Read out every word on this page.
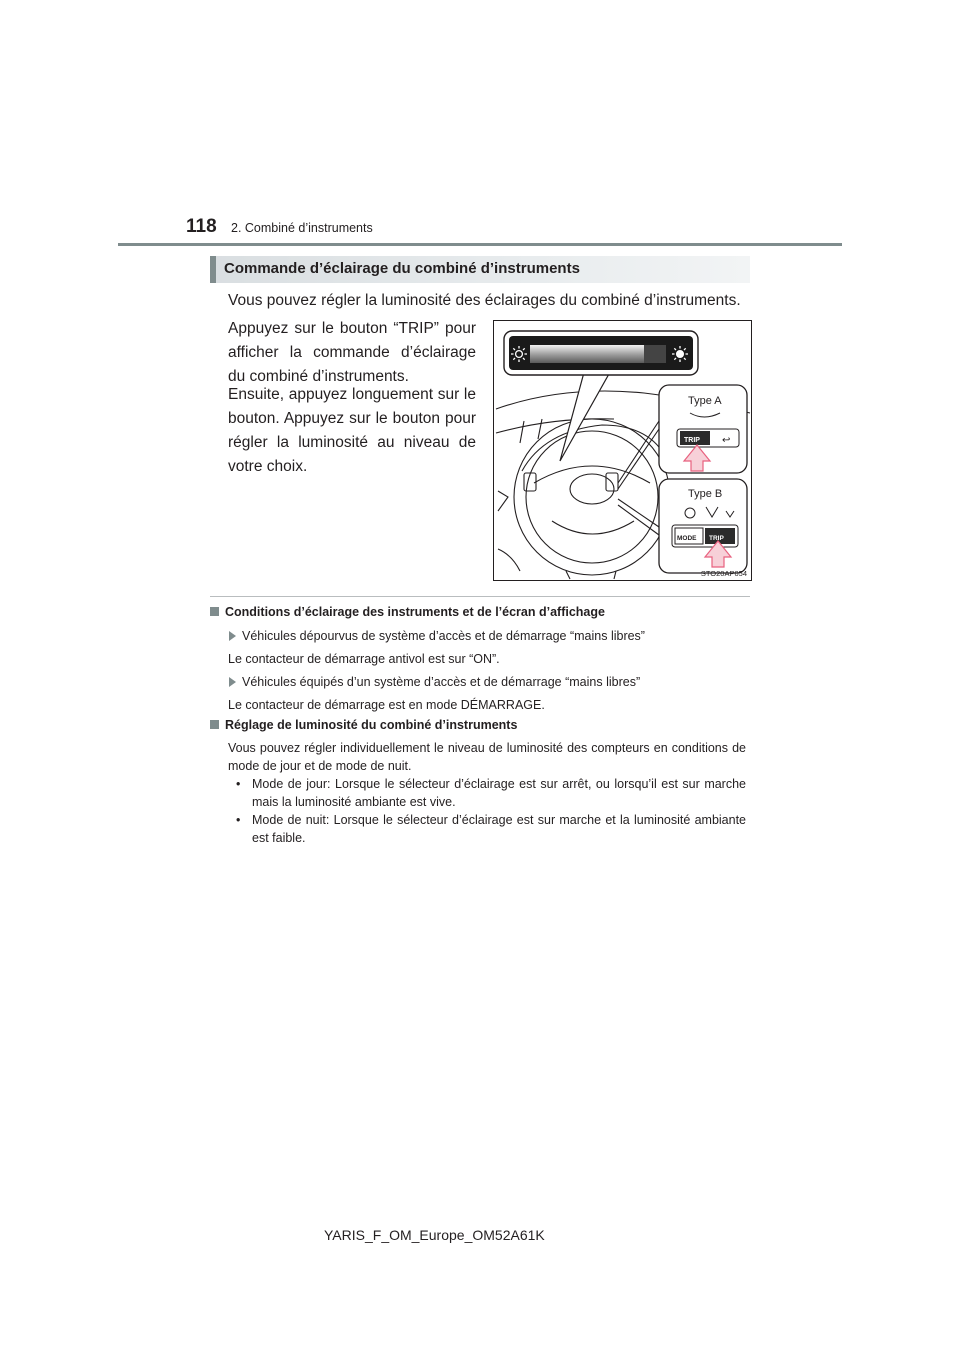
118 2. Combiné d’instruments
Commande d’éclairage du combiné d’instruments
Vous pouvez régler la luminosité des éclairages du combiné d’instruments.
Appuyez sur le bouton “TRIP” pour afficher la commande d’éclairage du combiné d’instruments.
Ensuite, appuyez longuement sur le bouton. Appuyez sur le bouton pour régler la luminosité au niveau de votre choix.
Type A
TRIP ↩
Type B
MODE TRIP
STO20AP054
Conditions d’éclairage des instruments et de l’écran d’affichage
Véhicules dépourvus de système d’accès et de démarrage “mains libres”
Le contacteur de démarrage antivol est sur “ON”.
Véhicules équipés d’un système d’accès et de démarrage “mains libres”
Le contacteur de démarrage est en mode DÉMARRAGE.
Réglage de luminosité du combiné d’instruments
Vous pouvez régler individuellement le niveau de luminosité des compteurs en conditions de mode de jour et de mode de nuit.
• Mode de jour: Lorsque le sélecteur d’éclairage est sur arrêt, ou lorsqu’il est sur marche mais la luminosité ambiante est vive.
• Mode de nuit: Lorsque le sélecteur d’éclairage est sur marche et la luminosité ambiante est faible.
YARIS_F_OM_Europe_OM52A61K
